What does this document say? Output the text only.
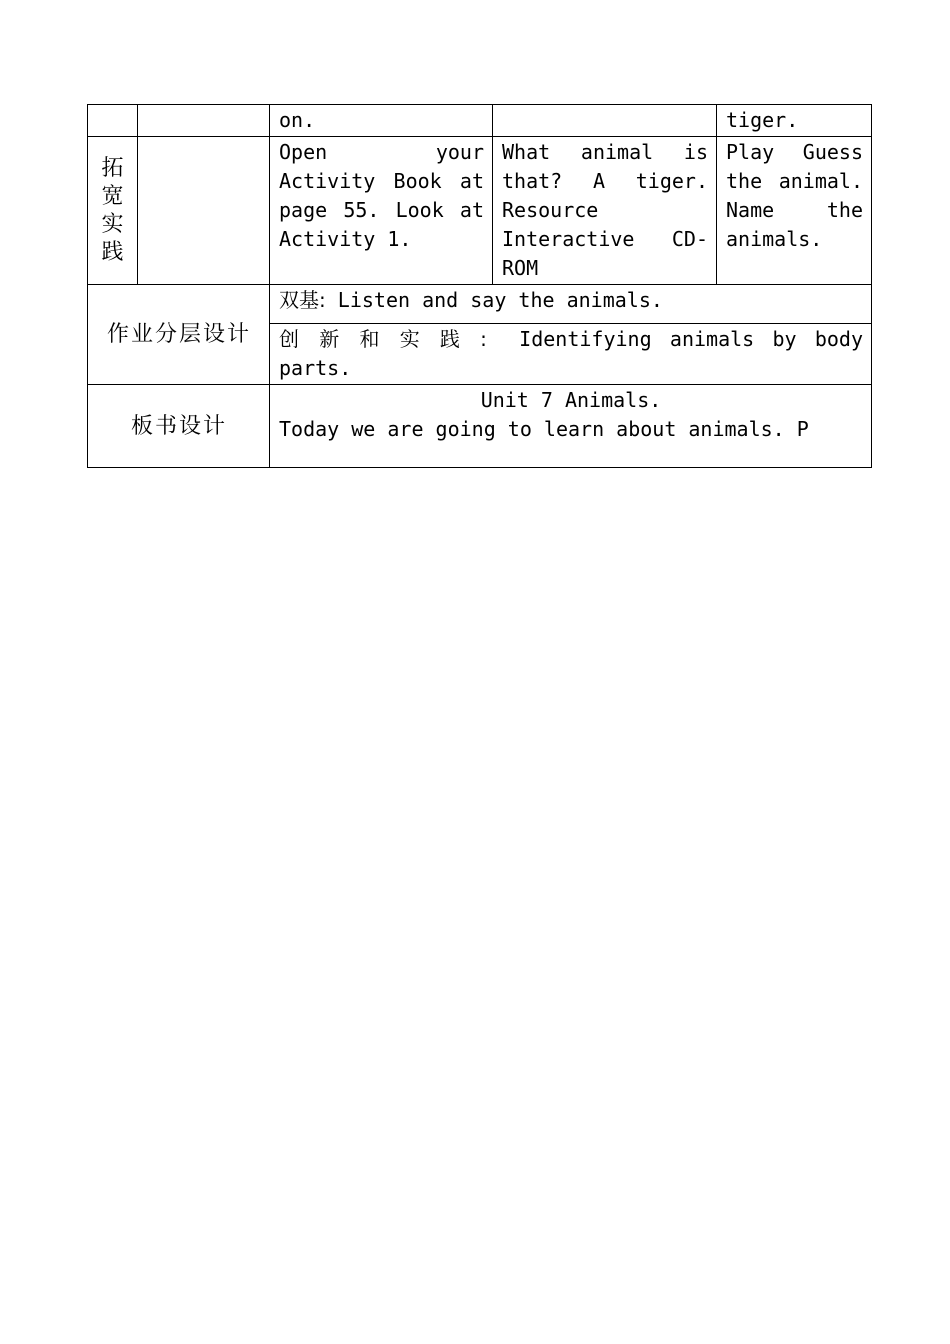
		on.		tiger.

拓宽实践		Open your Activity Book at page 55. Look at Activity 1.	What animal is that? A tiger. Resource Interactive CD-ROM	Play Guess the animal. Name the animals.
作业分层设计		双基: Listen and say the animals.		
		创新和实践: Identifying animals by body parts.		
板书设计		Unit 7 Animals.
Today we are going to learn about animals. P		
